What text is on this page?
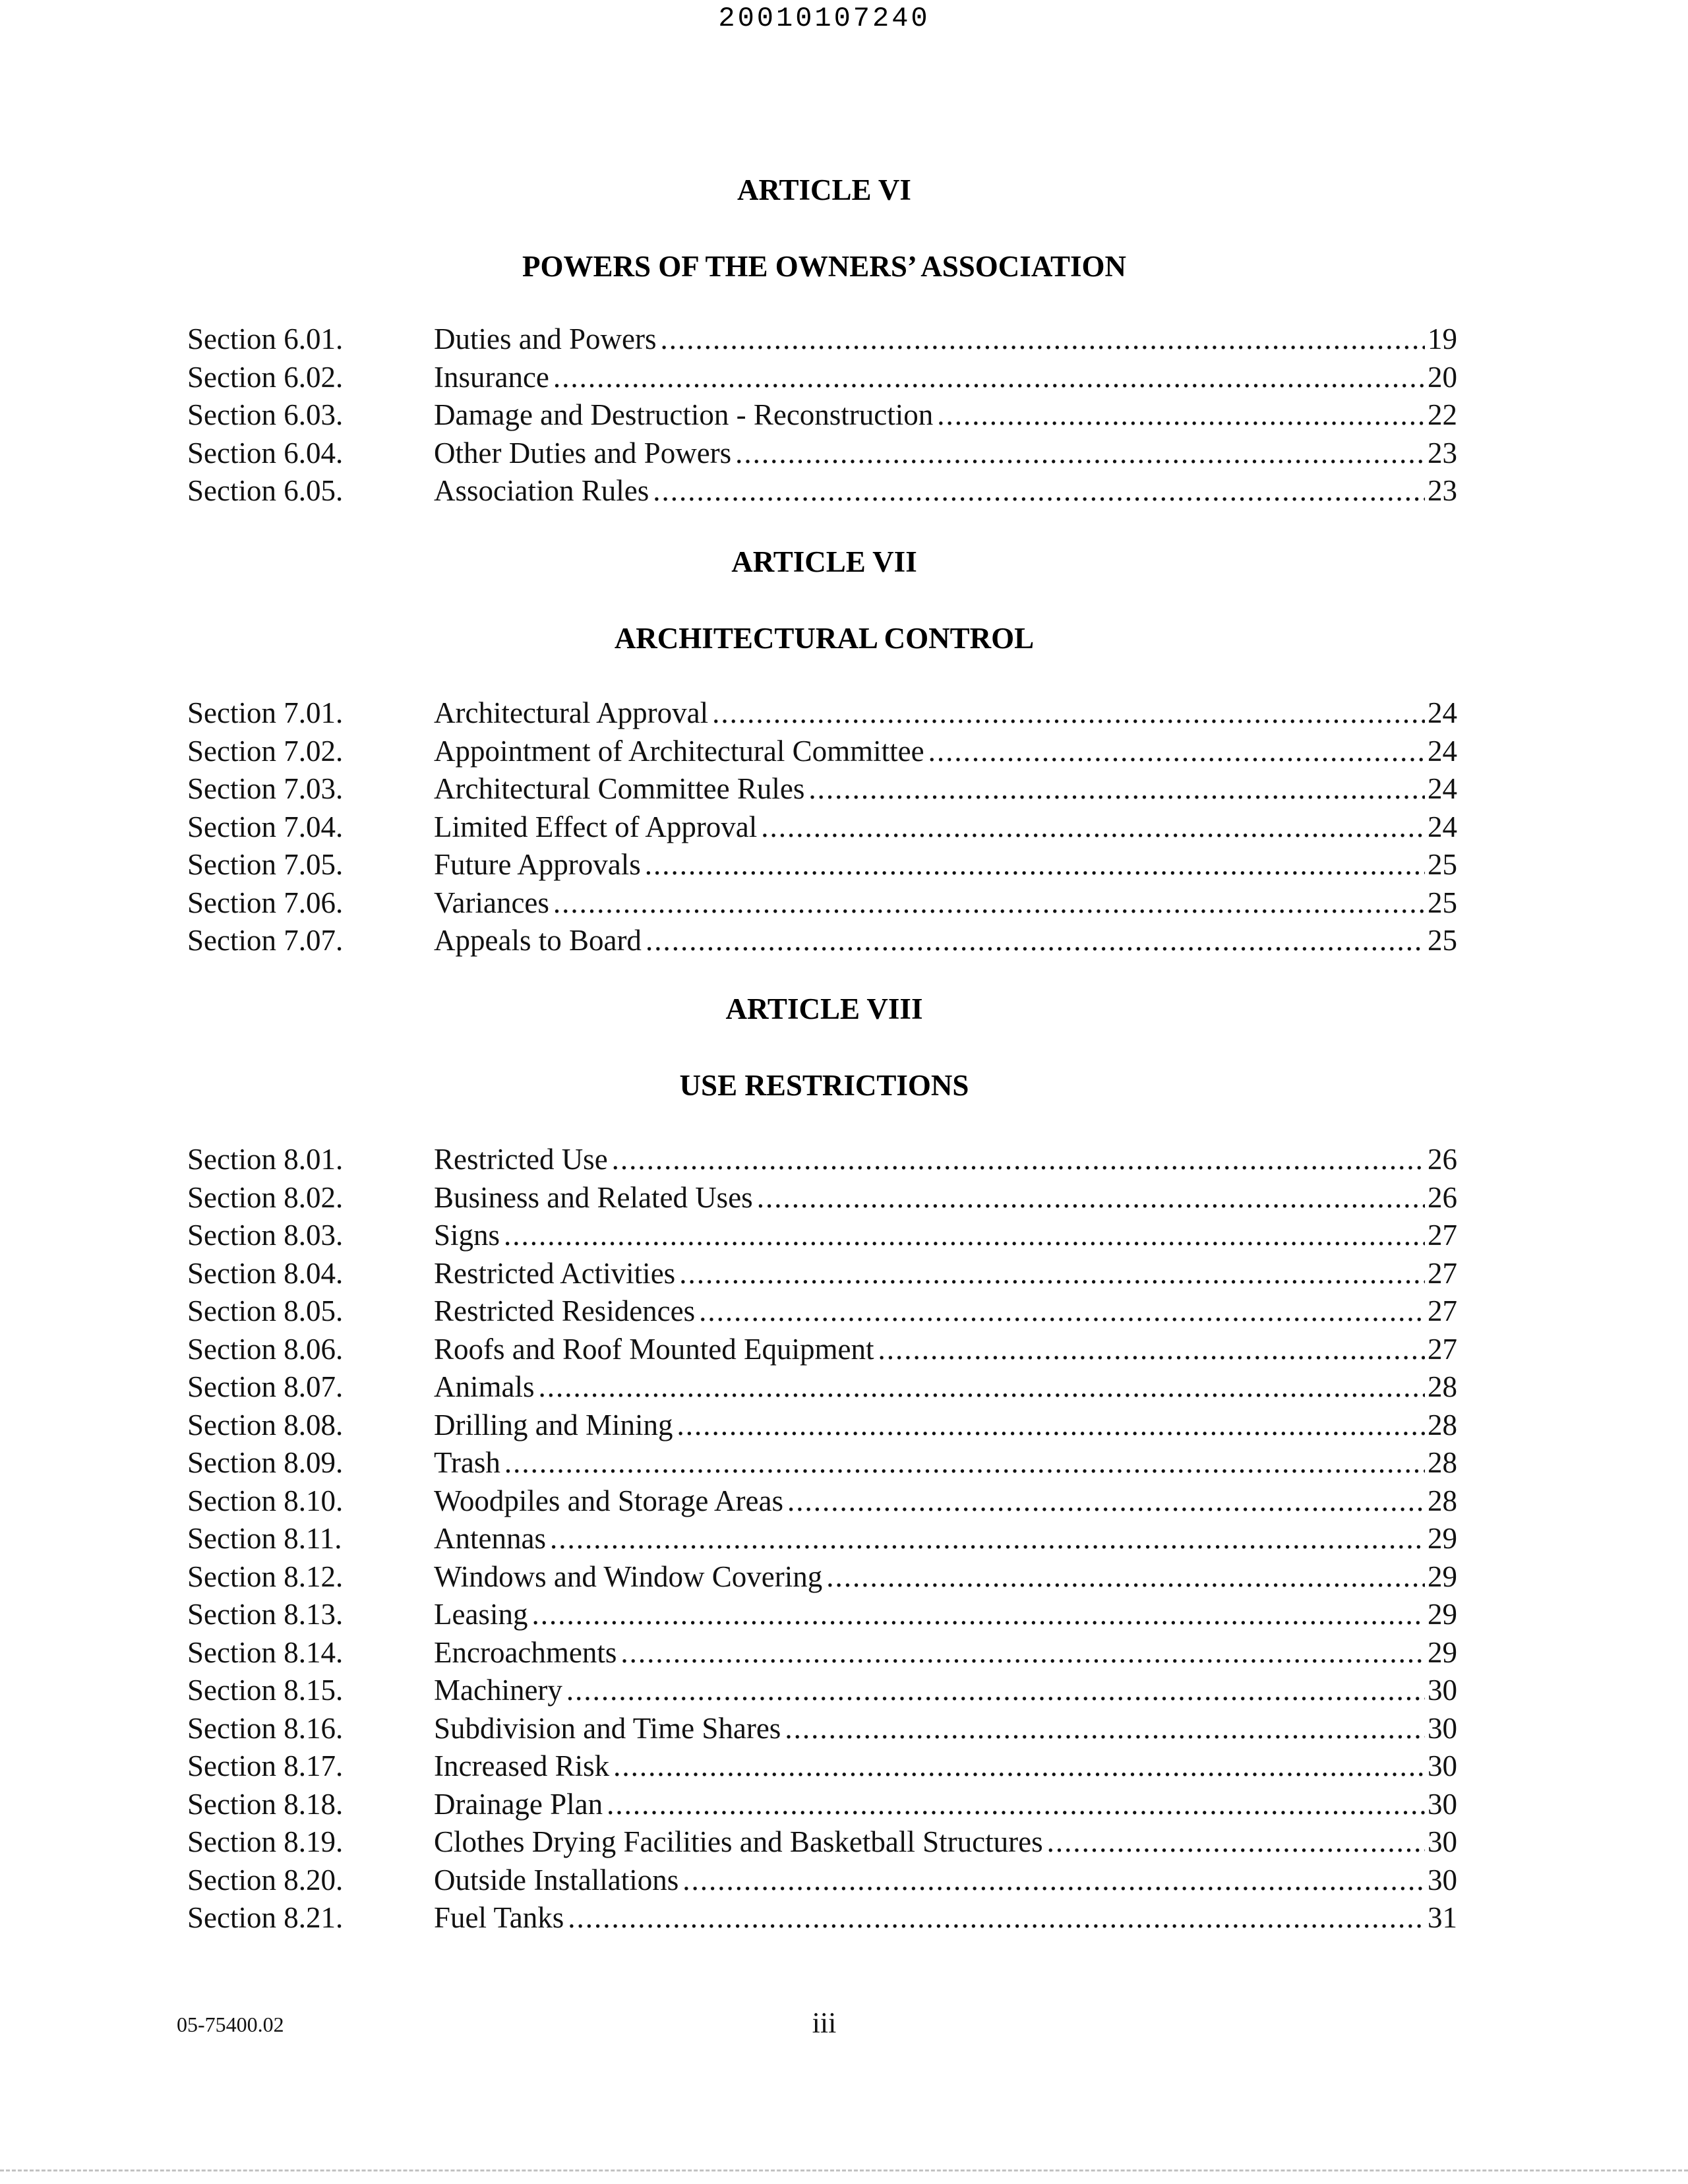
20010107240
ARTICLE VI
POWERS OF THE OWNERS’ ASSOCIATION
Section 6.01.	Duties and Powers .....	19
Section 6.02.	Insurance .....	20
Section 6.03.	Damage and Destruction - Reconstruction .....	22
Section 6.04.	Other Duties and Powers .....	23
Section 6.05.	Association Rules .....	23
ARTICLE VII
ARCHITECTURAL CONTROL
Section 7.01.	Architectural Approval .....	24
Section 7.02.	Appointment of Architectural Committee .....	24
Section 7.03.	Architectural Committee Rules .....	24
Section 7.04.	Limited Effect of Approval .....	24
Section 7.05.	Future Approvals .....	25
Section 7.06.	Variances .....	25
Section 7.07.	Appeals to Board .....	25
ARTICLE VIII
USE RESTRICTIONS
Section 8.01.	Restricted Use .....	26
Section 8.02.	Business and Related Uses .....	26
Section 8.03.	Signs .....	27
Section 8.04.	Restricted Activities .....	27
Section 8.05.	Restricted Residences .....	27
Section 8.06.	Roofs and Roof Mounted Equipment .....	27
Section 8.07.	Animals .....	28
Section 8.08.	Drilling and Mining .....	28
Section 8.09.	Trash .....	28
Section 8.10.	Woodpiles and Storage Areas .....	28
Section 8.11.	Antennas .....	29
Section 8.12.	Windows and Window Covering .....	29
Section 8.13.	Leasing .....	29
Section 8.14.	Encroachments .....	29
Section 8.15.	Machinery .....	30
Section 8.16.	Subdivision and Time Shares .....	30
Section 8.17.	Increased Risk .....	30
Section 8.18.	Drainage Plan .....	30
Section 8.19.	Clothes Drying Facilities and Basketball Structures .....	30
Section 8.20.	Outside Installations .....	30
Section 8.21.	Fuel Tanks .....	31
05-75400.02	iii
